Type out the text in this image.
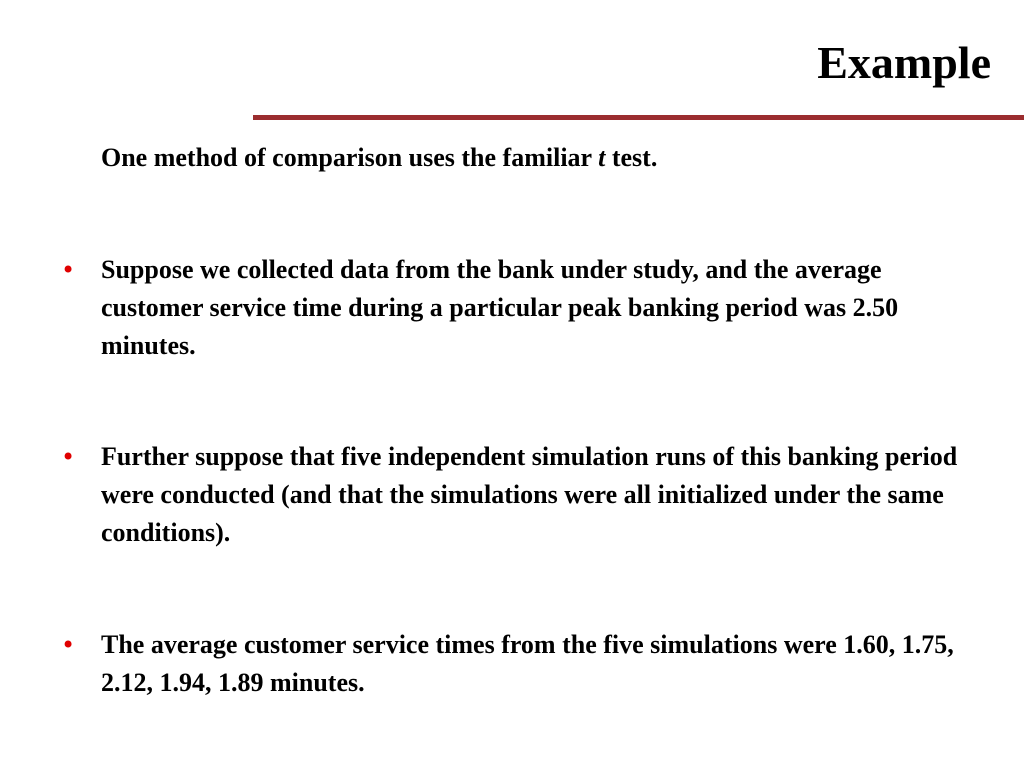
Example

One method of comparison uses the familiar t test.

• Suppose we collected data from the bank under study, and the average customer service time during a particular peak banking period was 2.50 minutes.

• Further suppose that five independent simulation runs of this banking period were conducted (and that the simulations were all initialized under the same conditions).

• The average customer service times from the five simulations were 1.60, 1.75, 2.12, 1.94, 1.89 minutes.
